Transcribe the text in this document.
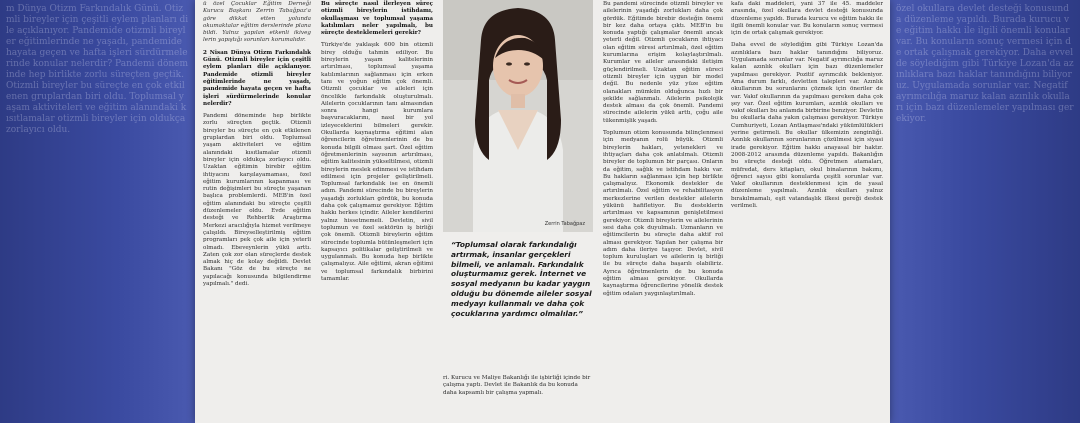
m Dünya Otizm Farkındalık Günü. Otizmli bireyler için çeşitli eylem planları dile açıklanıyor. Pandemide otizmli bireyler eğitimlerinde ne yaşadı, pandemide hayata geçen ve hafta işleri sürdürmelerinde konular nelerdir? Pandemi döneminde hep birlikte zorlu süreçten geçtik. Otizmli bireyler bu süreçte en çok etkilenen gruplardan biri oldu. Toplumsal yaşam aktiviteleri ve eğitim alanındaki kısıtlamalar otizmli bireyler için oldukça zorlayıcı oldu.
özel okullara devlet desteği konusunda düzenleme yapıldı. Burada kurucu ve eğitim hakkı ile ilgili önemli konular var. Bu konuların sonuç vermesi için de ortak çalışmak gerekiyor. Daha evvel de söylediğim gibi Türkiye Lozan'da azınlıklara bazı haklar tanındığını biliyoruz. Uygulamada sorunlar var. Negatif ayrımcılığa maruz kalan azınlık okulları için bazı düzenlemeler yapılması gerekiyor.

ü özel Çocuklar Eğitim Derneği Kurucu Başkanı Zerrin Tabağpaz'a göre dikkat etten yolunda okumaktalar eğitim derslerinde plana bildi. Yalnız yapılan etkenli ikiveg lerin yapıştığı sorunları korumalıdır.

2 Nisan Dünya Otizm Farkındalık Günü. Otizmli bireyler için çeşitli eylem planları dile açıklanıyor. Pandemide otizmli bireyler eğitimlerinde ne yaşadı, pandemide hayata geçen ve hafta işleri sürdürmelerinde konular nelerdir?

Pandemi döneminde hep birlikte zorlu süreçten geçtik. Otizmli bireyler bu süreçte en çok etkilenen gruplardan biri oldu. Toplumsal yaşam aktiviteleri ve eğitim alanındaki kısıtlamalar otizmli bireyler için oldukça zorlayıcı oldu. Uzaktan eğitimin birebir eğitim ihtiyacını karşılayamaması, özel eğitim kurumlarının kapanması ve rutin değişimleri bu süreçte yaşanan başlıca problemlerdi. MEB'in özel eğitim alanındaki bu süreçte çeşitli düzenlemeler oldu. Evde eğitim desteği ve Rehberlik Araştırma Merkezi aracılığıyla hizmet verilmeye çalışıldı. Bireyselleştirilmiş eğitim programları pek çok aile için yeterli olmadı. Ebeveynlerin yükü arttı. Zaten çok zor olan süreçlerde destek almak hiç de kolay değildi. Devlet Bakanı "Göz de bu süreçte ne yapılacağı konusunda bilgilendirme yapılmalı." dedi.

Bu süreçte nasıl ilerleyen süreç otizmli bireylerin istihdamı, okullaşması ve toplumsal yaşama katılımları neler yapılmalı, bu süreçte desteklemeleri gerekir?

Türkiye'de yaklaşık 600 bin otizmli birey olduğu tahmin ediliyor. Bu bireylerin yaşam kalitelerinin artırılması, toplumsal yaşama katılımlarının sağlanması için erken tanı ve yoğun eğitim çok önemli. Otizmli çocuklar ve aileleri için öncelikle farkındalık oluşturulmalı. Ailelerin çocuklarının tanı almasından sonra hangi kurumlara başvuracaklarını, nasıl bir yol izleyeceklerini bilmeleri gerekir. Okullarda kaynaştırma eğitimi alan öğrencilerin öğretmenlerinin de bu konuda bilgili olması şart. Özel eğitim öğretmenlerinin sayısının artırılması, eğitim kalitesinin yükseltilmesi, otizmli bireylerin meslek edinmesi ve istihdam edilmesi için projeler geliştirilmeli. Toplumsal farkındalık ise en önemli adım. Pandemi sürecinde bu bireylerin yaşadığı zorlukları gördük, bu konuda daha çok çalışmamız gerekiyor. Eğitim hakkı herkes içindir. Aileler kendilerini yalnız hissetmemeli. Devletin, sivil toplumun ve özel sektörün iş birliği çok önemli. Otizmli bireylerin eğitim sürecinde toplumla bütünleşmeleri için kapsayıcı politikalar geliştirilmeli ve uygulanmalı. Bu konuda hep birlikte çalışmalıyız. Aile eğitimi, akran eğitimi ve toplumsal farkındalık birbirini tamamlar.

Zerrin Tabağpaz
“Toplumsal olarak farkındalığı artırmak, insanlar gerçekleri bilmeli, ve anlamalı. Farkındalık oluşturmamız gerek. İnternet ve sosyal medyanın bu kadar yaygın olduğu bu dönemde aileler sosyal medyayı kullanmalı ve daha çok çocuklarına yardımcı olmalılar.”
ri. Kurucu ve Maliye Bakanlığı ile işbirliği içinde bir çalışma yaptı. Devlet ile Bakanlık da bu konuda daha kapsamlı bir çalışma yapmalı.

Bu pandemi sürecinde otizmli bireyler ve ailelerinin yaşadığı zorlukları daha çok gördük. Eğitimde birebir desteğin önemi bir kez daha ortaya çıktı. MEB'in bu konuda yaptığı çalışmalar önemli ancak yeterli değil. Otizmli çocukların ihtiyacı olan eğitim süresi artırılmalı, özel eğitim kurumlarına erişim kolaylaştırılmalı. Kurumlar ve aileler arasındaki iletişim güçlendirilmeli. Uzaktan eğitim süreci otizmli bireyler için uygun bir model değil. Bu nedenle yüz yüze eğitim olanakları mümkün olduğunca hızlı bir şekilde sağlanmalı. Ailelerin psikolojik destek alması da çok önemli. Pandemi sürecinde ailelerin yükü arttı, çoğu aile tükenmişlik yaşadı.

Toplumun otizm konusunda bilinçlenmesi için medyanın rolü büyük. Otizmli bireylerin hakları, yetenekleri ve ihtiyaçları daha çok anlatılmalı. Otizmli bireyler de toplumun bir parçası. Onların da eğitim, sağlık ve istihdam hakkı var. Bu hakların sağlanması için hep birlikte çalışmalıyız. Ekonomik destekler de artırılmalı. Özel eğitim ve rehabilitasyon merkezlerine verilen destekler ailelerin yükünü hafifletiyor. Bu desteklerin artırılması ve kapsamının genişletilmesi gerekiyor. Otizmli bireylerin ve ailelerinin sesi daha çok duyulmalı. Uzmanların ve eğitimcilerin bu süreçte daha aktif rol alması gerekiyor. Yapılan her çalışma bir adım daha ileriye taşıyor. Devlet, sivil toplum kuruluşları ve ailelerin iş birliği ile bu süreçte daha başarılı olabiliriz. Ayrıca öğretmenlerin de bu konuda eğitim alması gerekiyor. Okullarda kaynaştırma öğrencilerine yönelik destek eğitim odaları yaygınlaştırılmalı.

kafa daki maddeleri, yani 37 ile 45. maddeler arasında, özel okullara devlet desteği konusunda düzenleme yapıldı. Burada kurucu ve eğitim hakkı ile ilgili önemli konular var. Bu konuların sonuç vermesi için de ortak çalışmak gerekiyor.

Daha evvel de söylediğim gibi Türkiye Lozan'da azınlıklara bazı haklar tanındığını biliyoruz. Uygulamada sorunlar var. Negatif ayrımcılığa maruz kalan azınlık okulları için bazı düzenlemeler yapılması gerekiyor. Pozitif ayrımcılık bekleniyor. Ama durum farklı, devletten talepleri var. Azınlık okullarının bu sorunlarını çözmek için öneriler de var. Vakıf okullarının da yapılması gereken daha çok şey var. Özel eğitim kurumları, azınlık okulları ve vakıf okulları bu anlamda birbirine benziyor. Devletin bu okullarla daha yakın çalışması gerekiyor. Türkiye Cumhuriyeti, Lozan Antlaşması'ndaki yükümlülükleri yerine getirmeli. Bu okullar ülkemizin zenginliği. Azınlık okullarının sorunlarının çözülmesi için siyasi irade gerekiyor. Eğitim hakkı anayasal bir haktır. 2008-2012 arasında düzenleme yapıldı. Bakanlığın bu süreçte desteği oldu. Öğretmen atamaları, müfredat, ders kitapları, okul binalarının bakımı, öğrenci sayısı gibi konularda çeşitli sorunlar var. Vakıf okullarının desteklenmesi için de yasal düzenleme yapılmalı. Azınlık okulları yalnız bırakılmamalı, eşit vatandaşlık ilkesi gereği destek verilmeli.
